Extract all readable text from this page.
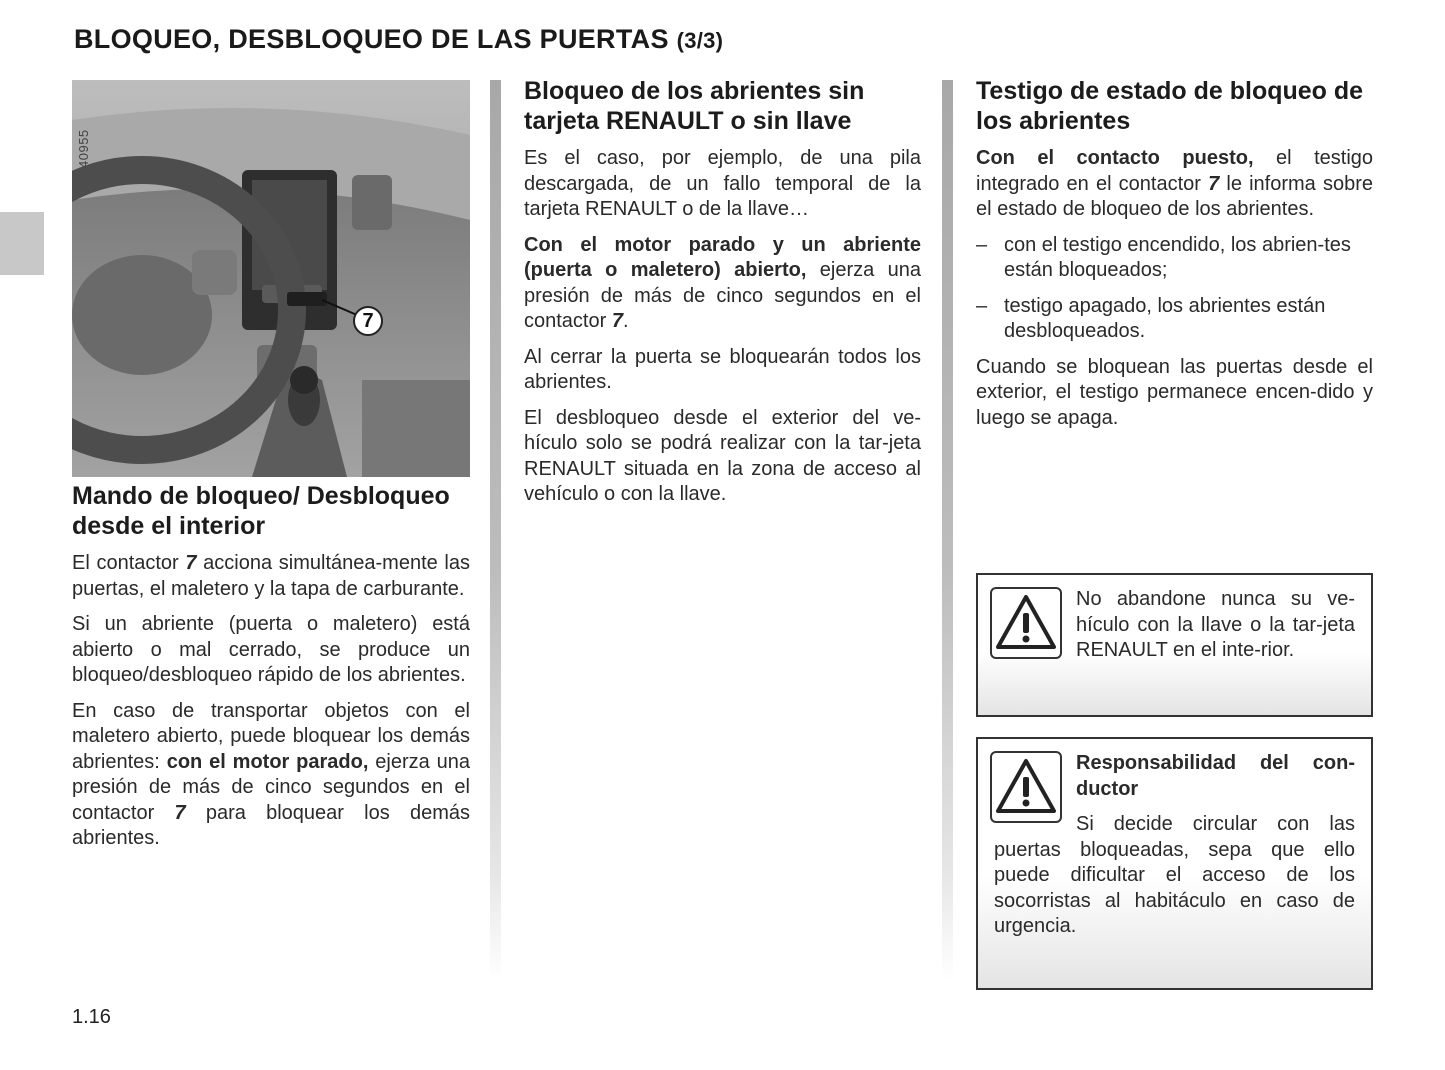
BLOQUEO, DESBLOQUEO DE LAS PUERTAS (3/3)
40955
7
Mando de bloqueo/ Desbloqueo desde el interior

El contactor 7 acciona simultánea-mente las puertas, el maletero y la tapa de carburante.

Si un abriente (puerta o maletero) está abierto o mal cerrado, se produce un bloqueo/desbloqueo rápido de los abrientes.

En caso de transportar objetos con el maletero abierto, puede bloquear los demás abrientes: con el motor parado, ejerza una presión de más de cinco segundos en el contactor 7 para bloquear los demás abrientes.

Bloqueo de los abrientes sin tarjeta RENAULT o sin llave

Es el caso, por ejemplo, de una pila descargada, de un fallo temporal de la tarjeta RENAULT o de la llave…

Con el motor parado y un abriente (puerta o maletero) abierto, ejerza una presión de más de cinco segundos en el contactor 7.

Al cerrar la puerta se bloquearán todos los abrientes.

El desbloqueo desde el exterior del ve-hículo solo se podrá realizar con la tar-jeta RENAULT situada en la zona de acceso al vehículo o con la llave.

Testigo de estado de bloqueo de los abrientes

Con el contacto puesto, el testigo integrado en el contactor 7 le informa sobre el estado de bloqueo de los abrientes.

– con el testigo encendido, los abrien-tes están bloqueados;
– testigo apagado, los abrientes están desbloqueados.

Cuando se bloquean las puertas desde el exterior, el testigo permanece encen-dido y luego se apaga.

No abandone nunca su ve-hículo con la llave o la tar-jeta RENAULT en el inte-rior.

Responsabilidad del con-ductor

Si decide circular con las puertas bloqueadas, sepa que ello puede dificultar el acceso de los socorristas al habitáculo en caso de urgencia.

1.16
